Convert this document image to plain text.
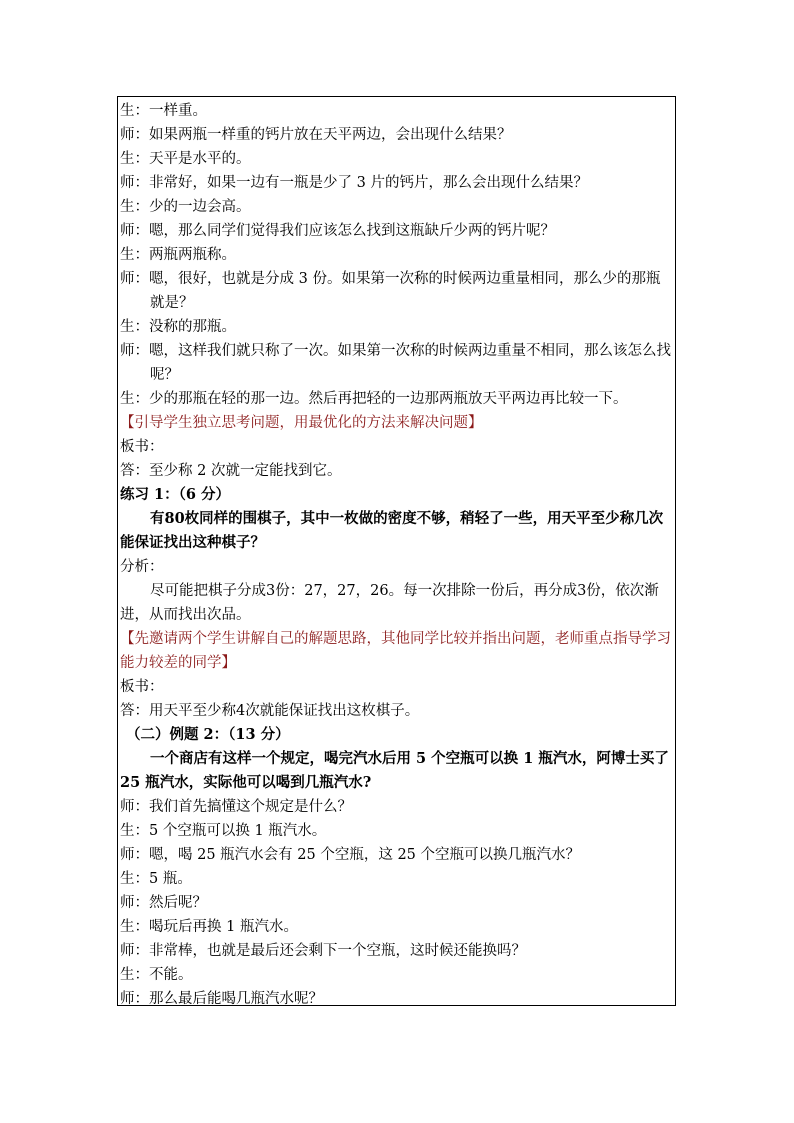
生：一样重。
师：如果两瓶一样重的钙片放在天平两边，会出现什么结果？
生：天平是水平的。
师：非常好，如果一边有一瓶是少了 3 片的钙片，那么会出现什么结果？
生：少的一边会高。
师：嗯，那么同学们觉得我们应该怎么找到这瓶缺斤少两的钙片呢？
生：两瓶两瓶称。
师：嗯，很好，也就是分成 3 份。如果第一次称的时候两边重量相同，那么少的那瓶就是？
生：没称的那瓶。
师：嗯，这样我们就只称了一次。如果第一次称的时候两边重量不相同，那么该怎么找呢？
生：少的那瓶在轻的那一边。然后再把轻的一边那两瓶放天平两边再比较一下。
【引导学生独立思考问题，用最优化的方法来解决问题】
板书：
答：至少称 2 次就一定能找到它。
练习 1：（6 分）
有80枚同样的围棋子，其中一枚做的密度不够，稍轻了一些，用天平至少称几次能保证找出这种棋子？
分析：
尽可能把棋子分成3份：27，27，26。每一次排除一份后，再分成3份，依次渐进，从而找出次品。
【先邀请两个学生讲解自己的解题思路，其他同学比较并指出问题，老师重点指导学习能力较差的同学】
板书：
答：用天平至少称4次就能保证找出这枚棋子。
（二）例题 2：（13 分）
一个商店有这样一个规定，喝完汽水后用 5 个空瓶可以换 1 瓶汽水，阿博士买了 25 瓶汽水，实际他可以喝到几瓶汽水?
师：我们首先搞懂这个规定是什么？
生：5 个空瓶可以换 1 瓶汽水。
师：嗯，喝 25 瓶汽水会有 25 个空瓶，这 25 个空瓶可以换几瓶汽水？
生：5 瓶。
师：然后呢？
生：喝玩后再换 1 瓶汽水。
师：非常棒，也就是最后还会剩下一个空瓶，这时候还能换吗？
生：不能。
师：那么最后能喝几瓶汽水呢？
